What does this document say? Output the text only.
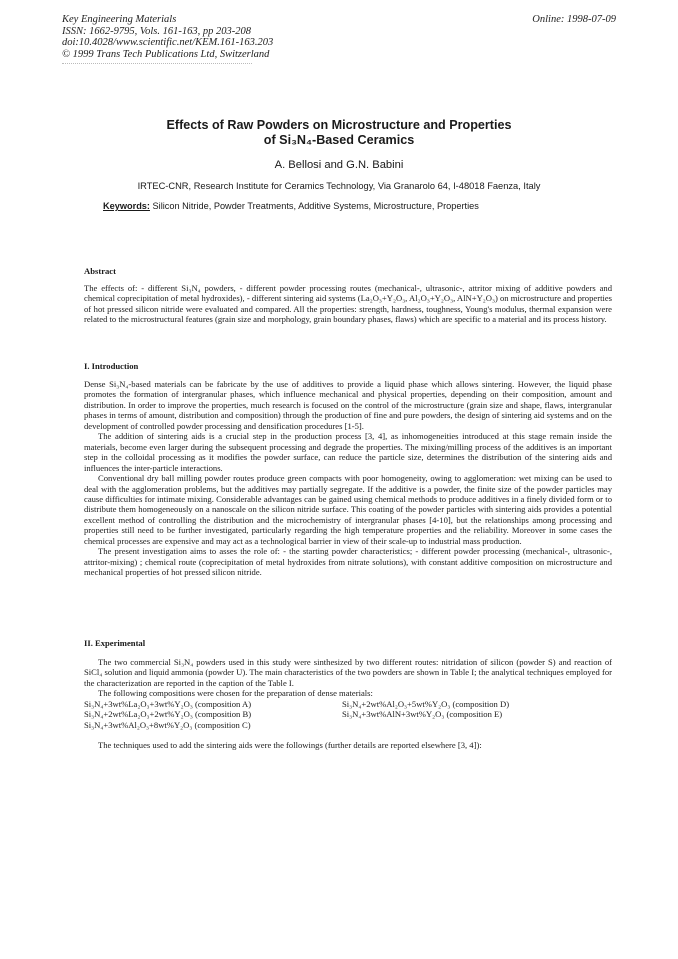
Key Engineering Materials
ISSN: 1662-9795, Vols. 161-163, pp 203-208
doi:10.4028/www.scientific.net/KEM.161-163.203
© 1999 Trans Tech Publications Ltd, Switzerland
Online: 1998-07-09
Effects of Raw Powders on Microstructure and Properties
of Si₃N₄-Based Ceramics
A. Bellosi and G.N. Babini
IRTEC-CNR, Research Institute for Ceramics Technology, Via Granarolo 64, I-48018 Faenza, Italy
Keywords: Silicon Nitride, Powder Treatments, Additive Systems, Microstructure, Properties
Abstract

The effects of: - different Si₃N₄ powders, - different powder processing routes (mechanical-, ultrasonic-, attritor mixing of additive powders and chemical coprecipitation of metal hydroxides), - different sintering aid systems (La₂O₃+Y₂O₃, Al₂O₃+Y₂O₃, AlN+Y₂O₃) on microstructure and properties of hot pressed silicon nitride were evaluated and compared. All the properties: strength, hardness, toughness, Young's modulus, thermal expansion were related to the microstructural features (grain size and morphology, grain boundary phases, flaws) which are specific to a material and its process history.

I. Introduction

Dense Si₃N₄-based materials can be fabricate by the use of additives to provide a liquid phase which allows sintering. However, the liquid phase promotes the formation of intergranular phases, which influence mechanical and physical properties, depending on their composition, amount and distribution. In order to improve the properties, much research is focused on the control of the microstructure (grain size and shape, flaws, intergranular phases in terms of amount, distribution and composition) through the production of fine and pure powders, the design of sintering aid systems and on the development of controlled powder processing and densification procedures [1-5].

The addition of sintering aids is a crucial step in the production process [3, 4], as inhomogeneities introduced at this stage remain inside the materials, become even larger during the subsequent processing and degrade the properties. The mixing/milling process of the additives is an important step in the colloidal processing as it modifies the powder surface, can reduce the particle size, determines the distribution of the sintering aids and influences the inter-particle interactions.

Conventional dry ball milling powder routes produce green compacts with poor homogeneity, owing to agglomeration: wet mixing can be used to deal with the agglomeration problems, but the additives may partially segregate. If the additive is a powder, the finite size of the powder particles may cause difficulties for intimate mixing. Considerable advantages can be gained using chemical methods to produce additives in a finely divided form or to distribute them homogeneously on a nanoscale on the silicon nitride surface. This coating of the powder particles with sintering aids provides a potential excellent method of controlling the distribution and the microchemistry of intergranular phases [4-10], but the relationships among processing and properties still need to be further investigated, particularly regarding the high temperature properties and the reliability. Moreover in some cases the chemical processes are expensive and may act as a technological barrier in view of their scale-up to industrial mass production.

The present investigation aims to asses the role of: - the starting powder characteristics; - different powder processing (mechanical-, ultrasonic-, attritor-mixing) ; chemical route (coprecipitation of metal hydroxides from nitrate solutions), with constant additive composition on microstructure and mechanical properties of hot pressed silicon nitride.

II. Experimental

The two commercial Si₃N₄ powders used in this study were sinthesized by two different routes: nitridation of silicon (powder S) and reaction of SiCl₄ solution and liquid ammonia (powder U). The main characteristics of the two powders are shown in Table I; the analytical techniques employed for the characterization are reported in the caption of the Table I.

The following compositions were chosen for the preparation of dense materials:

Si₃N₄+3wt%La₂O₃+3wt%Y₂O₃ (composition A)	Si₃N₄+2wt%Al₂O₃+5wt%Y₂O₃ (composition D)
Si₃N₄+2wt%La₂O₃+2wt%Y₂O₃ (composition B)	Si₃N₄+3wt%AlN+3wt%Y₂O₃ (composition E)
Si₃N₄+3wt%Al₂O₃+8wt%Y₂O₃ (composition C)

The techniques used to add the sintering aids were the followings (further details are reported elsewhere [3, 4]):
